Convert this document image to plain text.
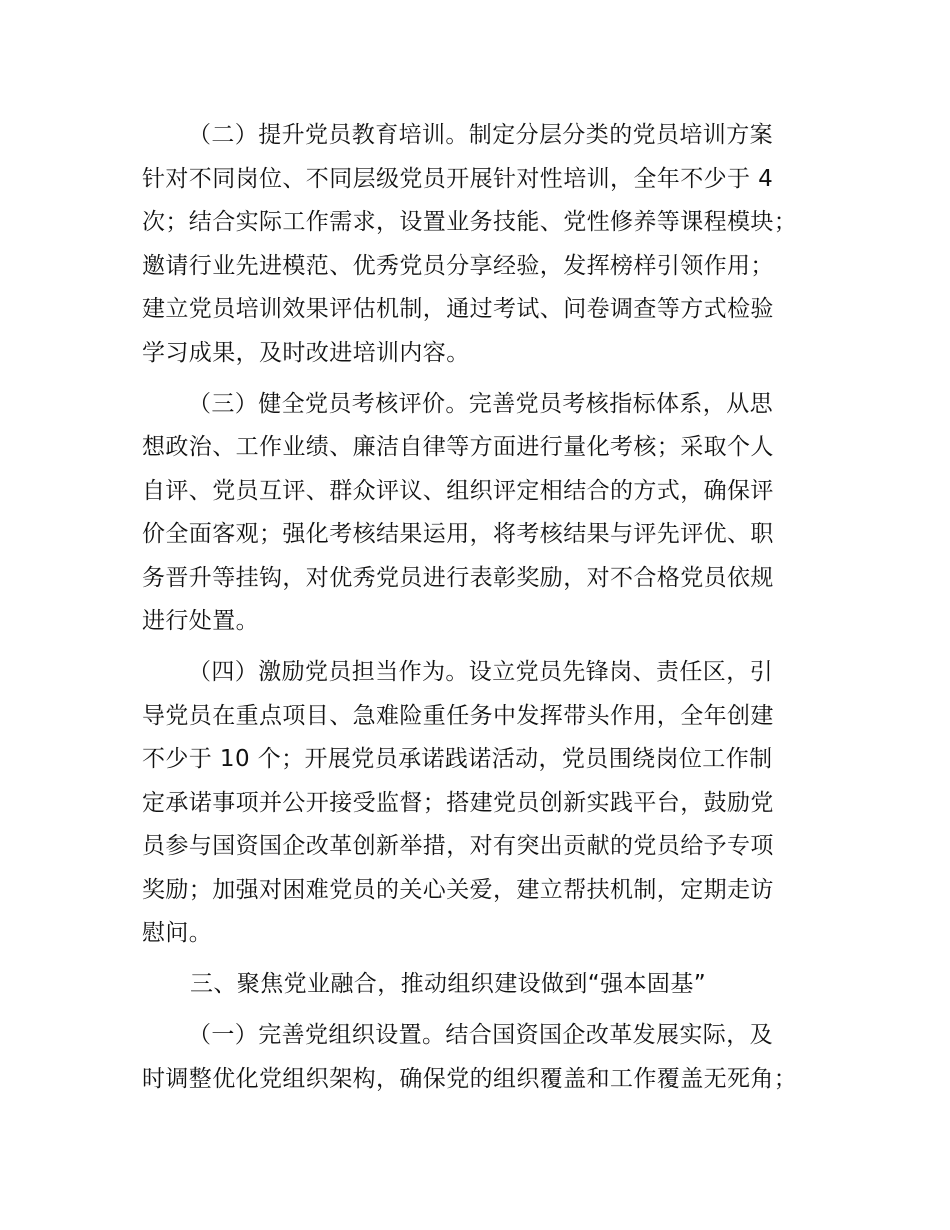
（二）提升党员教育培训。制定分层分类的党员培训方案
针对不同岗位、不同层级党员开展针对性培训，全年不少于 4
次；结合实际工作需求，设置业务技能、党性修养等课程模块；
邀请行业先进模范、优秀党员分享经验，发挥榜样引领作用；
建立党员培训效果评估机制，通过考试、问卷调查等方式检验
学习成果，及时改进培训内容。
（三）健全党员考核评价。完善党员考核指标体系，从思
想政治、工作业绩、廉洁自律等方面进行量化考核；采取个人
自评、党员互评、群众评议、组织评定相结合的方式，确保评
价全面客观；强化考核结果运用，将考核结果与评先评优、职
务晋升等挂钩，对优秀党员进行表彰奖励，对不合格党员依规
进行处置。
（四）激励党员担当作为。设立党员先锋岗、责任区，引
导党员在重点项目、急难险重任务中发挥带头作用，全年创建
不少于 10 个；开展党员承诺践诺活动，党员围绕岗位工作制
定承诺事项并公开接受监督；搭建党员创新实践平台，鼓励党
员参与国资国企改革创新举措，对有突出贡献的党员给予专项
奖励；加强对困难党员的关心关爱，建立帮扶机制，定期走访
慰问。
三、聚焦党业融合，推动组织建设做到“强本固基”
（一）完善党组织设置。结合国资国企改革发展实际，及
时调整优化党组织架构，确保党的组织覆盖和工作覆盖无死角；
